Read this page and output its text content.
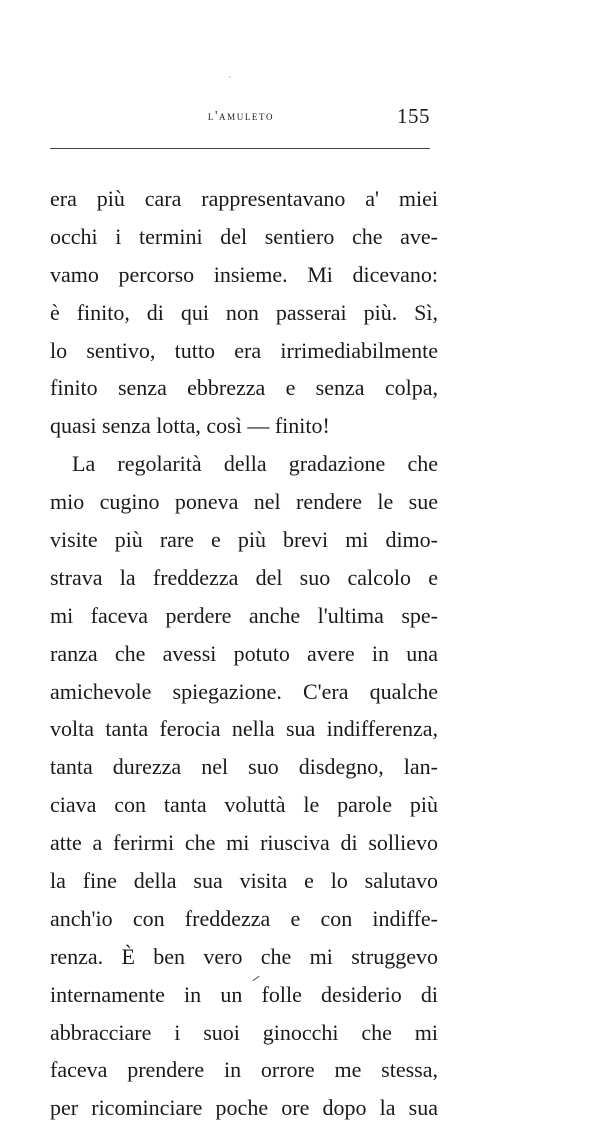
l'amuleto	155
era più cara rappresentavano a' miei
occhi i termini del sentiero che ave-
vamo percorso insieme. Mi dicevano:
è finito, di qui non passerai più. Sì,
lo sentivo, tutto era irrimediabilmente
finito senza ebbrezza e senza colpa,
quasi senza lotta, così — finito!
La regolarità della gradazione che
mio cugino poneva nel rendere le sue
visite più rare e più brevi mi dimo-
strava la freddezza del suo calcolo e
mi faceva perdere anche l'ultima spe-
ranza che avessi potuto avere in una
amichevole spiegazione. C'era qualche
volta tanta ferocia nella sua indifferenza,
tanta durezza nel suo disdegno, lan-
ciava con tanta voluttà le parole più
atte a ferirmi che mi riusciva di sollievo
la fine della sua visita e lo salutavo
anch'io con freddezza e con indiffe-
renza. È ben vero che mi struggevo
internamente in un folle desiderio di
abbracciare i suoi ginocchi che mi
faceva prendere in orrore me stessa,
per ricominciare poche ore dopo la sua
